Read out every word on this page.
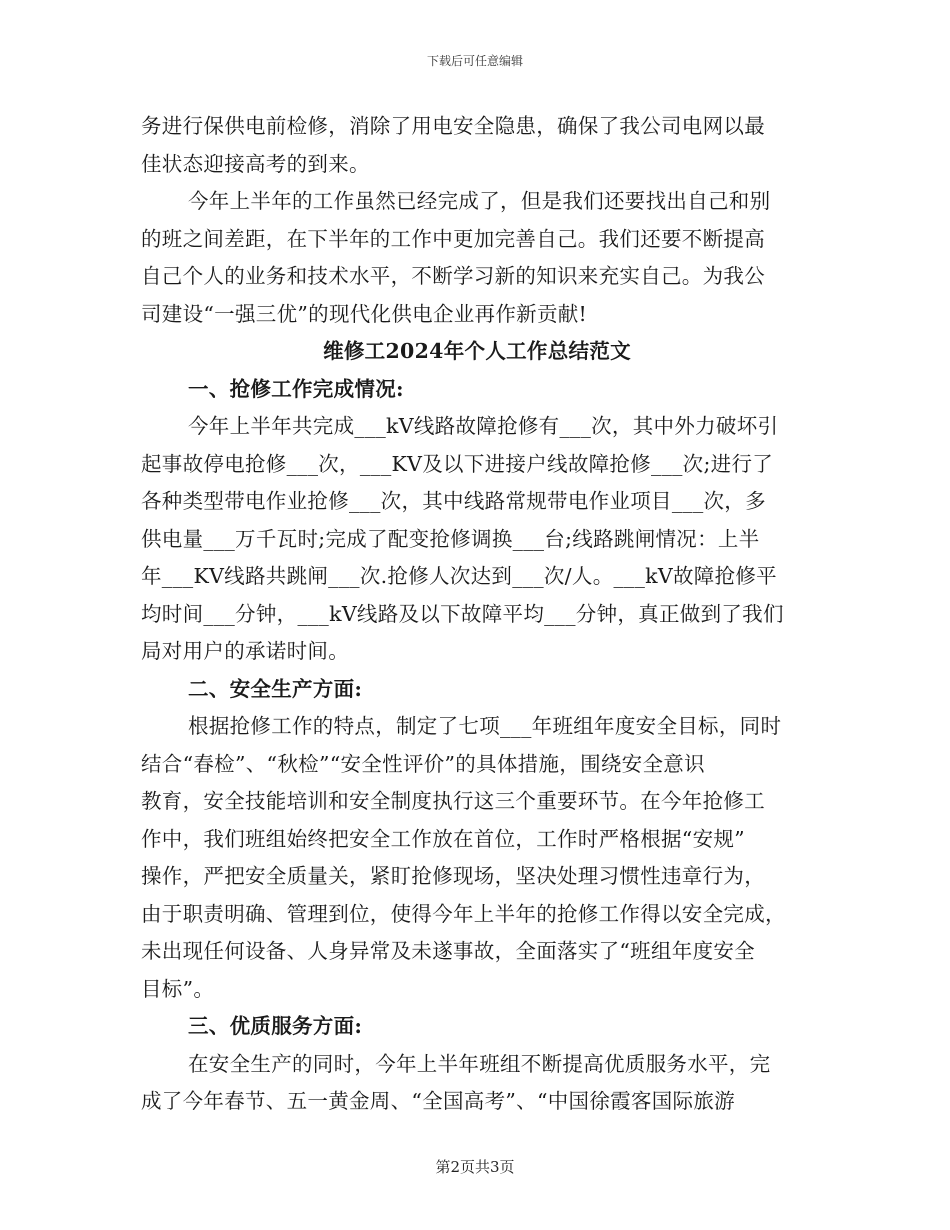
下载后可任意编辑
务进行保供电前检修，消除了用电安全隐患，确保了我公司电网以最
佳状态迎接高考的到来。
今年上半年的工作虽然已经完成了，但是我们还要找出自己和别
的班之间差距，在下半年的工作中更加完善自己。我们还要不断提高
自己个人的业务和技术水平，不断学习新的知识来充实自己。为我公
司建设“一强三优”的现代化供电企业再作新贡献!
维修工2024年个人工作总结范文
一、抢修工作完成情况:
今年上半年共完成___kV线路故障抢修有___次，其中外力破坏引
起事故停电抢修___次，___KV及以下进接户线故障抢修___次;进行了
各种类型带电作业抢修___次，其中线路常规带电作业项目___次，多
供电量___万千瓦时;完成了配变抢修调换___台;线路跳闸情况：上半
年___KV线路共跳闸___次.抢修人次达到___次/人。___kV故障抢修平
均时间___分钟，___kV线路及以下故障平均___分钟，真正做到了我们
局对用户的承诺时间。
二、安全生产方面:
根据抢修工作的特点，制定了七项___年班组年度安全目标，同时
结合“春检”、“秋检”“安全性评价”的具体措施，围绕安全意识
教育，安全技能培训和安全制度执行这三个重要环节。在今年抢修工
作中，我们班组始终把安全工作放在首位，工作时严格根据“安规”
操作，严把安全质量关，紧盯抢修现场，坚决处理习惯性违章行为，
由于职责明确、管理到位，使得今年上半年的抢修工作得以安全完成，
未出现任何设备、人身异常及未遂事故，全面落实了“班组年度安全
目标”。
三、优质服务方面:
在安全生产的同时，今年上半年班组不断提高优质服务水平，完
成了今年春节、五一黄金周、“全国高考”、“中国徐霞客国际旅游
第2页共3页
